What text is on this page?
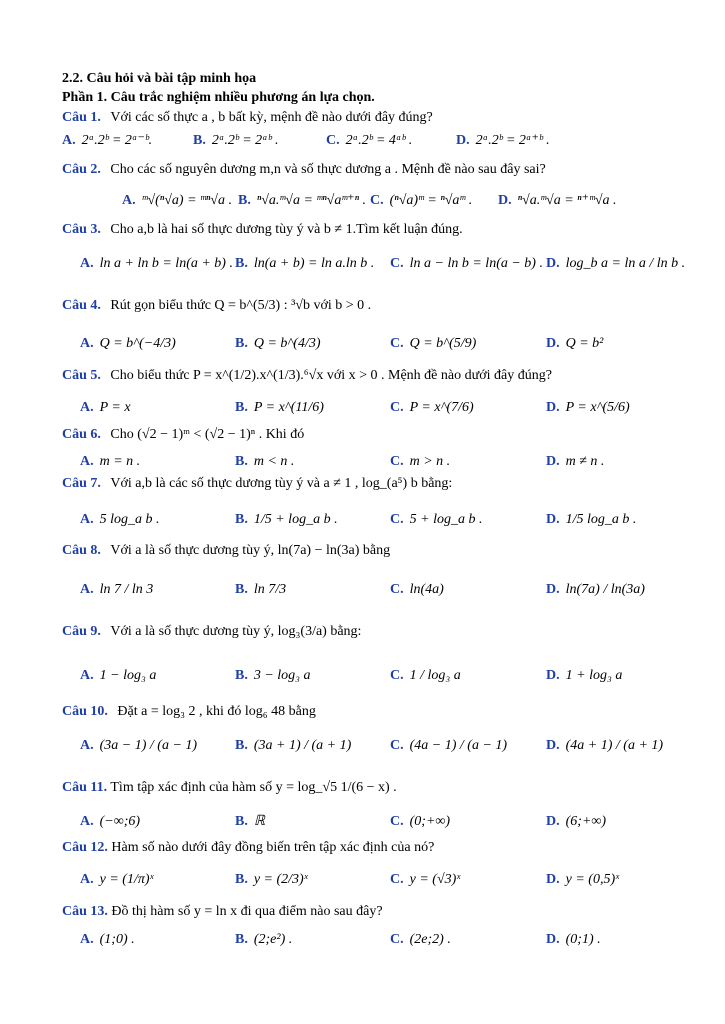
2.2. Câu hỏi và bài tập minh họa
Phần 1. Câu trắc nghiệm nhiều phương án lựa chọn.
Câu 1. Với các số thực a , b bất kỳ, mệnh đề nào dưới đây đúng?
A. 2ᵃ.2ᵇ = 2ᵃ⁻ᵇ.	B. 2ᵃ.2ᵇ = 2ᵃᵇ .	C. 2ᵃ.2ᵇ = 4ᵃᵇ .	D. 2ᵃ.2ᵇ = 2ᵃ⁺ᵇ .
Câu 2. Cho các số nguyên dương m,n và số thực dương a . Mệnh đề nào sau đây sai?
A. ᵐ√(ⁿ√a) = ᵐⁿ√a . B. ⁿ√a.ᵐ√a = ᵐⁿ√aᵐ⁺ⁿ . C. (ⁿ√a)ᵐ = ⁿ√aᵐ . D. ⁿ√a.ᵐ√a = ⁿ⁺ᵐ√a .
Câu 3. Cho a,b là hai số thực dương tùy ý và b ≠ 1.Tìm kết luận đúng.
A. ln a + ln b = ln(a + b) . B. ln(a + b) = ln a.ln b . C. ln a − ln b = ln(a − b) . D. log_b a = ln a / ln b .
Câu 4. Rút gọn biểu thức Q = b^(5/3) : ³√b với b > 0 .
A. Q = b^(−4/3)	B. Q = b^(4/3)	C. Q = b^(5/9)	D. Q = b²
Câu 5. Cho biểu thức P = x^(1/2).x^(1/3).⁶√x với x > 0 . Mệnh đề nào dưới đây đúng?
A. P = x	B. P = x^(11/6)	C. P = x^(7/6)	D. P = x^(5/6)
Câu 6. Cho (√2 − 1)ᵐ < (√2 − 1)ⁿ . Khi đó
A. m = n .	B. m < n .	C. m > n .	D. m ≠ n .
Câu 7. Với a,b là các số thực dương tùy ý và a ≠ 1 , log_(a⁵) b bằng:
A. 5 log_a b .	B. 1/5 + log_a b .	C. 5 + log_a b .	D. 1/5 log_a b .
Câu 8. Với a là số thực dương tùy ý, ln(7a) − ln(3a) bằng
A. ln 7 / ln 3	B. ln 7/3	C. ln(4a)	D. ln(7a) / ln(3a)
Câu 9. Với a là số thực dương tùy ý, log₃(3/a) bằng:
A. 1 − log₃ a	B. 3 − log₃ a	C. 1 / log₃ a	D. 1 + log₃ a
Câu 10. Đặt a = log₃ 2 , khi đó log₆ 48 bằng
A. (3a − 1) / (a − 1)	B. (3a + 1) / (a + 1)	C. (4a − 1) / (a − 1)	D. (4a + 1) / (a + 1)
Câu 11. Tìm tập xác định của hàm số y = log_√5 1/(6 − x) .
A. (−∞;6)	B. ℝ	C. (0;+∞)	D. (6;+∞)
Câu 12. Hàm số nào dưới đây đồng biến trên tập xác định của nó?
A. y = (1/π)ˣ	B. y = (2/3)ˣ	C. y = (√3)ˣ	D. y = (0,5)ˣ
Câu 13. Đồ thị hàm số y = ln x đi qua điểm nào sau đây?
A. (1;0) .	B. (2;e²) .	C. (2e;2) .	D. (0;1) .
